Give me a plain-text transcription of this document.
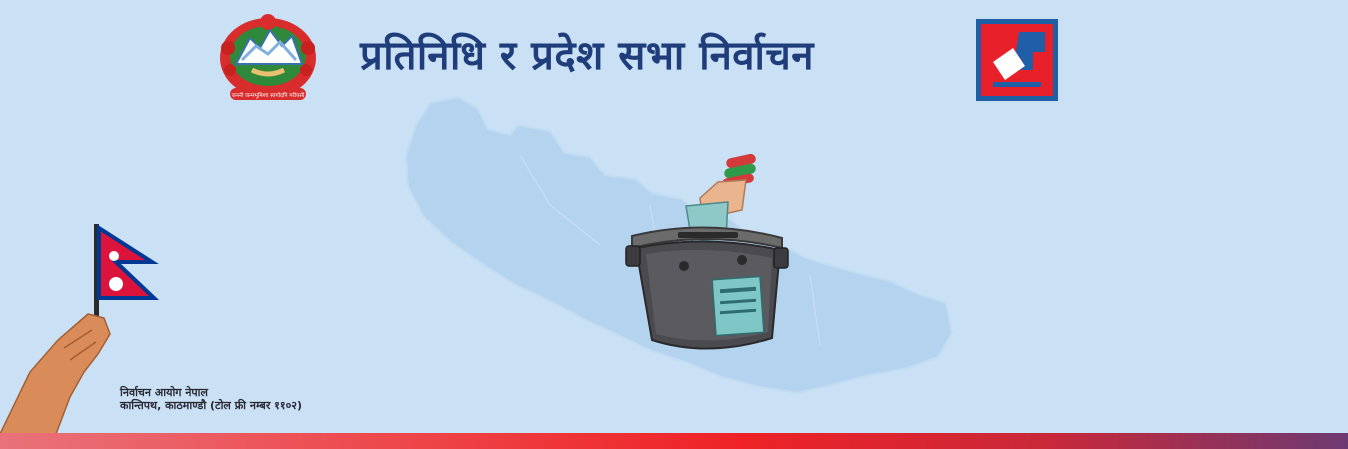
जननी जन्मभूमिश्च स्वर्गादपि गरीयसी
प्रतिनिधि र प्रदेश सभा निर्वाचन
निर्वाचन आयोग नेपाल
कान्तिपथ, काठमाण्डौ (टोल फ्री नम्बर ११०२)
